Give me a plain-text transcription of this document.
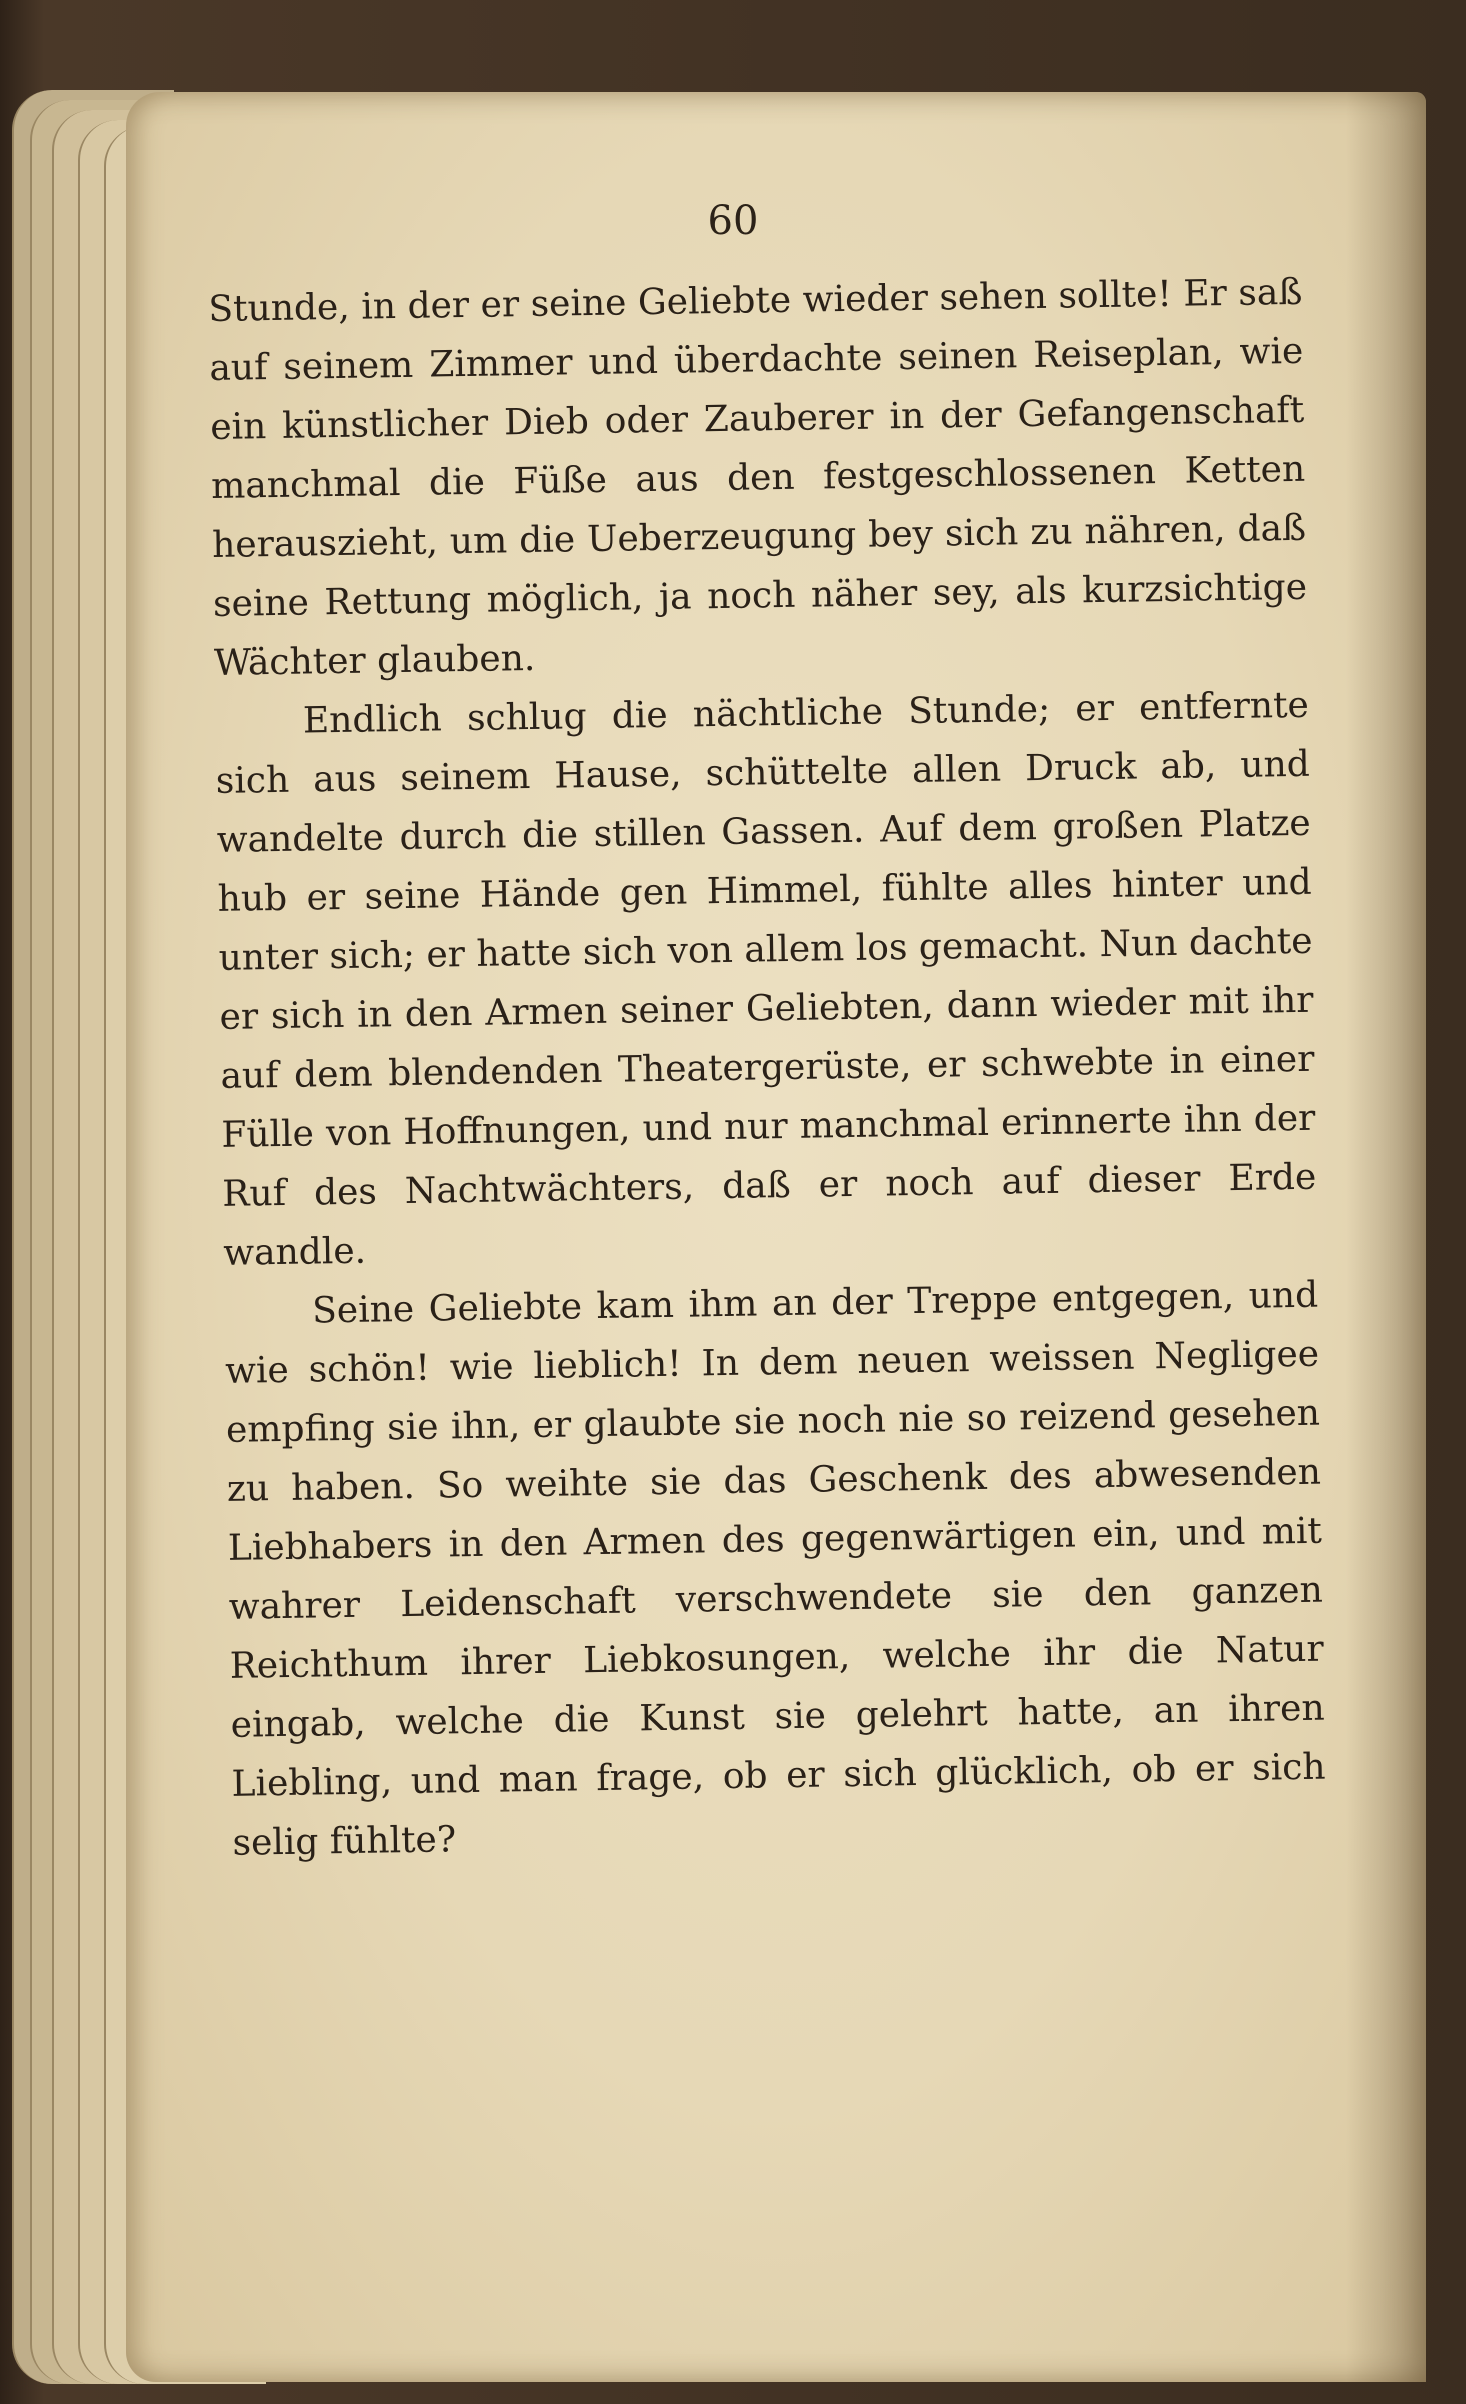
60

Stunde, in der er seine Geliebte wieder sehen sollte! Er saß auf seinem Zimmer und überdachte seinen Reiseplan, wie ein künstlicher Dieb oder Zauberer in der Gefangenschaft manchmal die Füße aus den festgeschlossenen Ketten herauszieht, um die Ueberzeugung bey sich zu nähren, daß seine Rettung möglich, ja noch näher sey, als kurzsichtige Wächter glauben.

Endlich schlug die nächtliche Stunde; er entfernte sich aus seinem Hause, schüttelte allen Druck ab, und wandelte durch die stillen Gassen. Auf dem großen Platze hub er seine Hände gen Himmel, fühlte alles hinter und unter sich; er hatte sich von allem los gemacht. Nun dachte er sich in den Armen seiner Geliebten, dann wieder mit ihr auf dem blendenden Theatergerüste, er schwebte in einer Fülle von Hoffnungen, und nur manchmal erinnerte ihn der Ruf des Nachtwächters, daß er noch auf dieser Erde wandle.

Seine Geliebte kam ihm an der Treppe entgegen, und wie schön! wie lieblich! In dem neuen weissen Negligee empfing sie ihn, er glaubte sie noch nie so reizend gesehen zu haben. So weihte sie das Geschenk des abwesenden Liebhabers in den Armen des gegenwärtigen ein, und mit wahrer Leidenschaft verschwendete sie den ganzen Reichthum ihrer Liebkosungen, welche ihr die Natur eingab, welche die Kunst sie gelehrt hatte, an ihren Liebling, und man frage, ob er sich glücklich, ob er sich selig fühlte?
